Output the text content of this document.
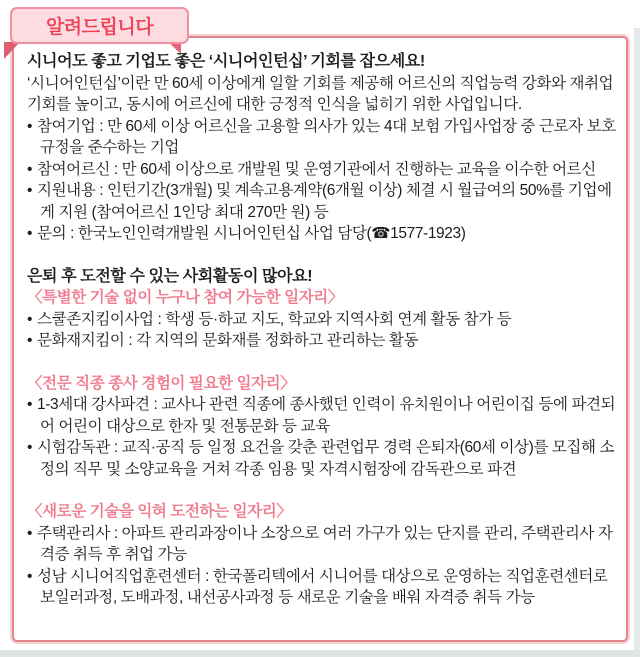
알려드립니다
시니어도 좋고 기업도 좋은 ‘시니어인턴십’ 기회를 잡으세요!
‘시니어인턴십’이란 만 60세 이상에게 일할 기회를 제공해 어르신의 직업능력 강화와 재취업기회를 높이고, 동시에 어르신에 대한 긍정적 인식을 넓히기 위한 사업입니다.
• 참여기업 : 만 60세 이상 어르신을 고용할 의사가 있는 4대 보험 가입사업장 중 근로자 보호규정을 준수하는 기업
• 참여어르신 : 만 60세 이상으로 개발원 및 운영기관에서 진행하는 교육을 이수한 어르신
• 지원내용 : 인턴기간(3개월) 및 계속고용계약(6개월 이상) 체결 시 월급여의 50%를 기업에게 지원 (참여어르신 1인당 최대 270만 원) 등
• 문의 : 한국노인인력개발원 시니어인턴십 사업 담당(☎1577-1923)
은퇴 후 도전할 수 있는 사회활동이 많아요!
〈특별한 기술 없이 누구나 참여 가능한 일자리〉
• 스쿨존지킴이사업 : 학생 등·하교 지도, 학교와 지역사회 연계 활동 참가 등
• 문화재지킴이 : 각 지역의 문화재를 정화하고 관리하는 활동
〈전문 직종 종사 경험이 필요한 일자리〉
• 1-3세대 강사파견 : 교사나 관련 직종에 종사했던 인력이 유치원이나 어린이집 등에 파견되어 어린이 대상으로 한자 및 전통문화 등 교육
• 시험감독관 : 교직·공직 등 일정 요건을 갖춘 관련업무 경력 은퇴자(60세 이상)를 모집해 소정의 직무 및 소양교육을 거쳐 각종 임용 및 자격시험장에 감독관으로 파견
〈새로운 기술을 익혀 도전하는 일자리〉
• 주택관리사 : 아파트 관리과장이나 소장으로 여러 가구가 있는 단지를 관리, 주택관리사 자격증 취득 후 취업 가능
• 성남 시니어직업훈련센터 : 한국폴리텍에서 시니어를 대상으로 운영하는 직업훈련센터로 보일러과정, 도배과정, 내선공사과정 등 새로운 기술을 배워 자격증 취득 가능
